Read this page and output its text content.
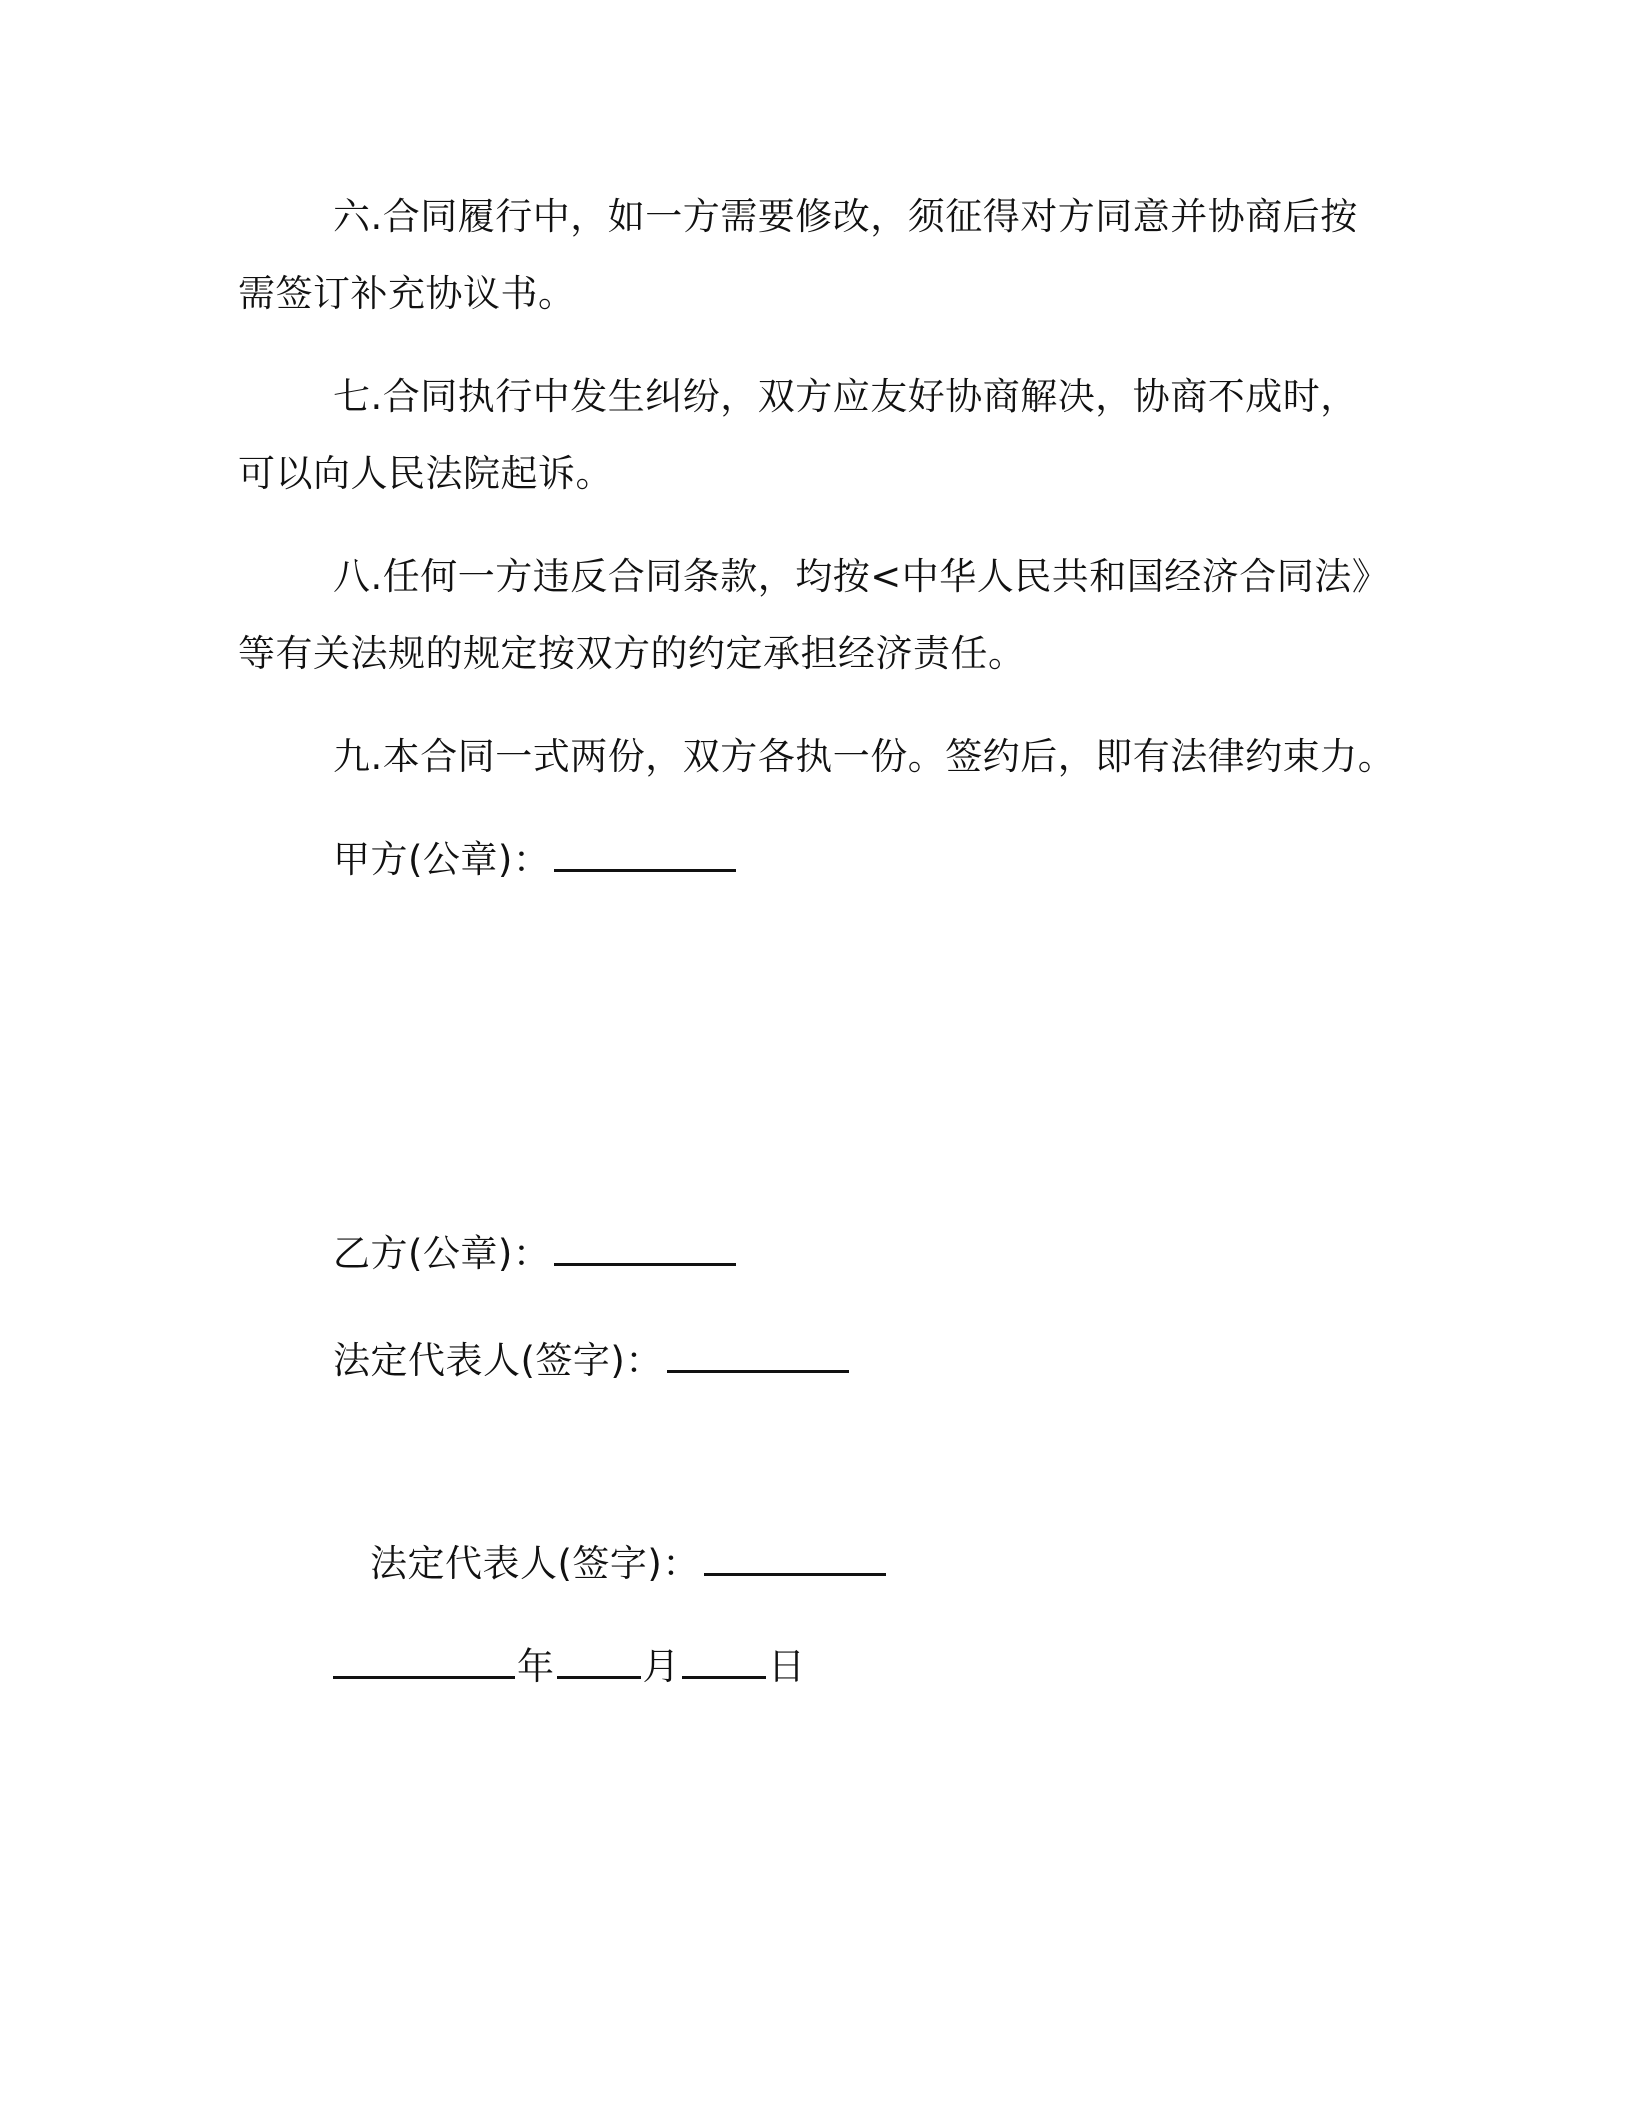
六.合同履行中，如一方需要修改，须征得对方同意并协商后按
需签订补充协议书。
七.合同执行中发生纠纷，双方应友好协商解决，协商不成时，
可以向人民法院起诉。
八.任何一方违反合同条款，均按<中华人民共和国经济合同法》
等有关法规的规定按双方的约定承担经济责任。
九.本合同一式两份，双方各执一份。签约后，即有法律约束力。
甲方(公章)：
乙方(公章)：
法定代表人(签字)：
法定代表人(签字)：
年 月 日
